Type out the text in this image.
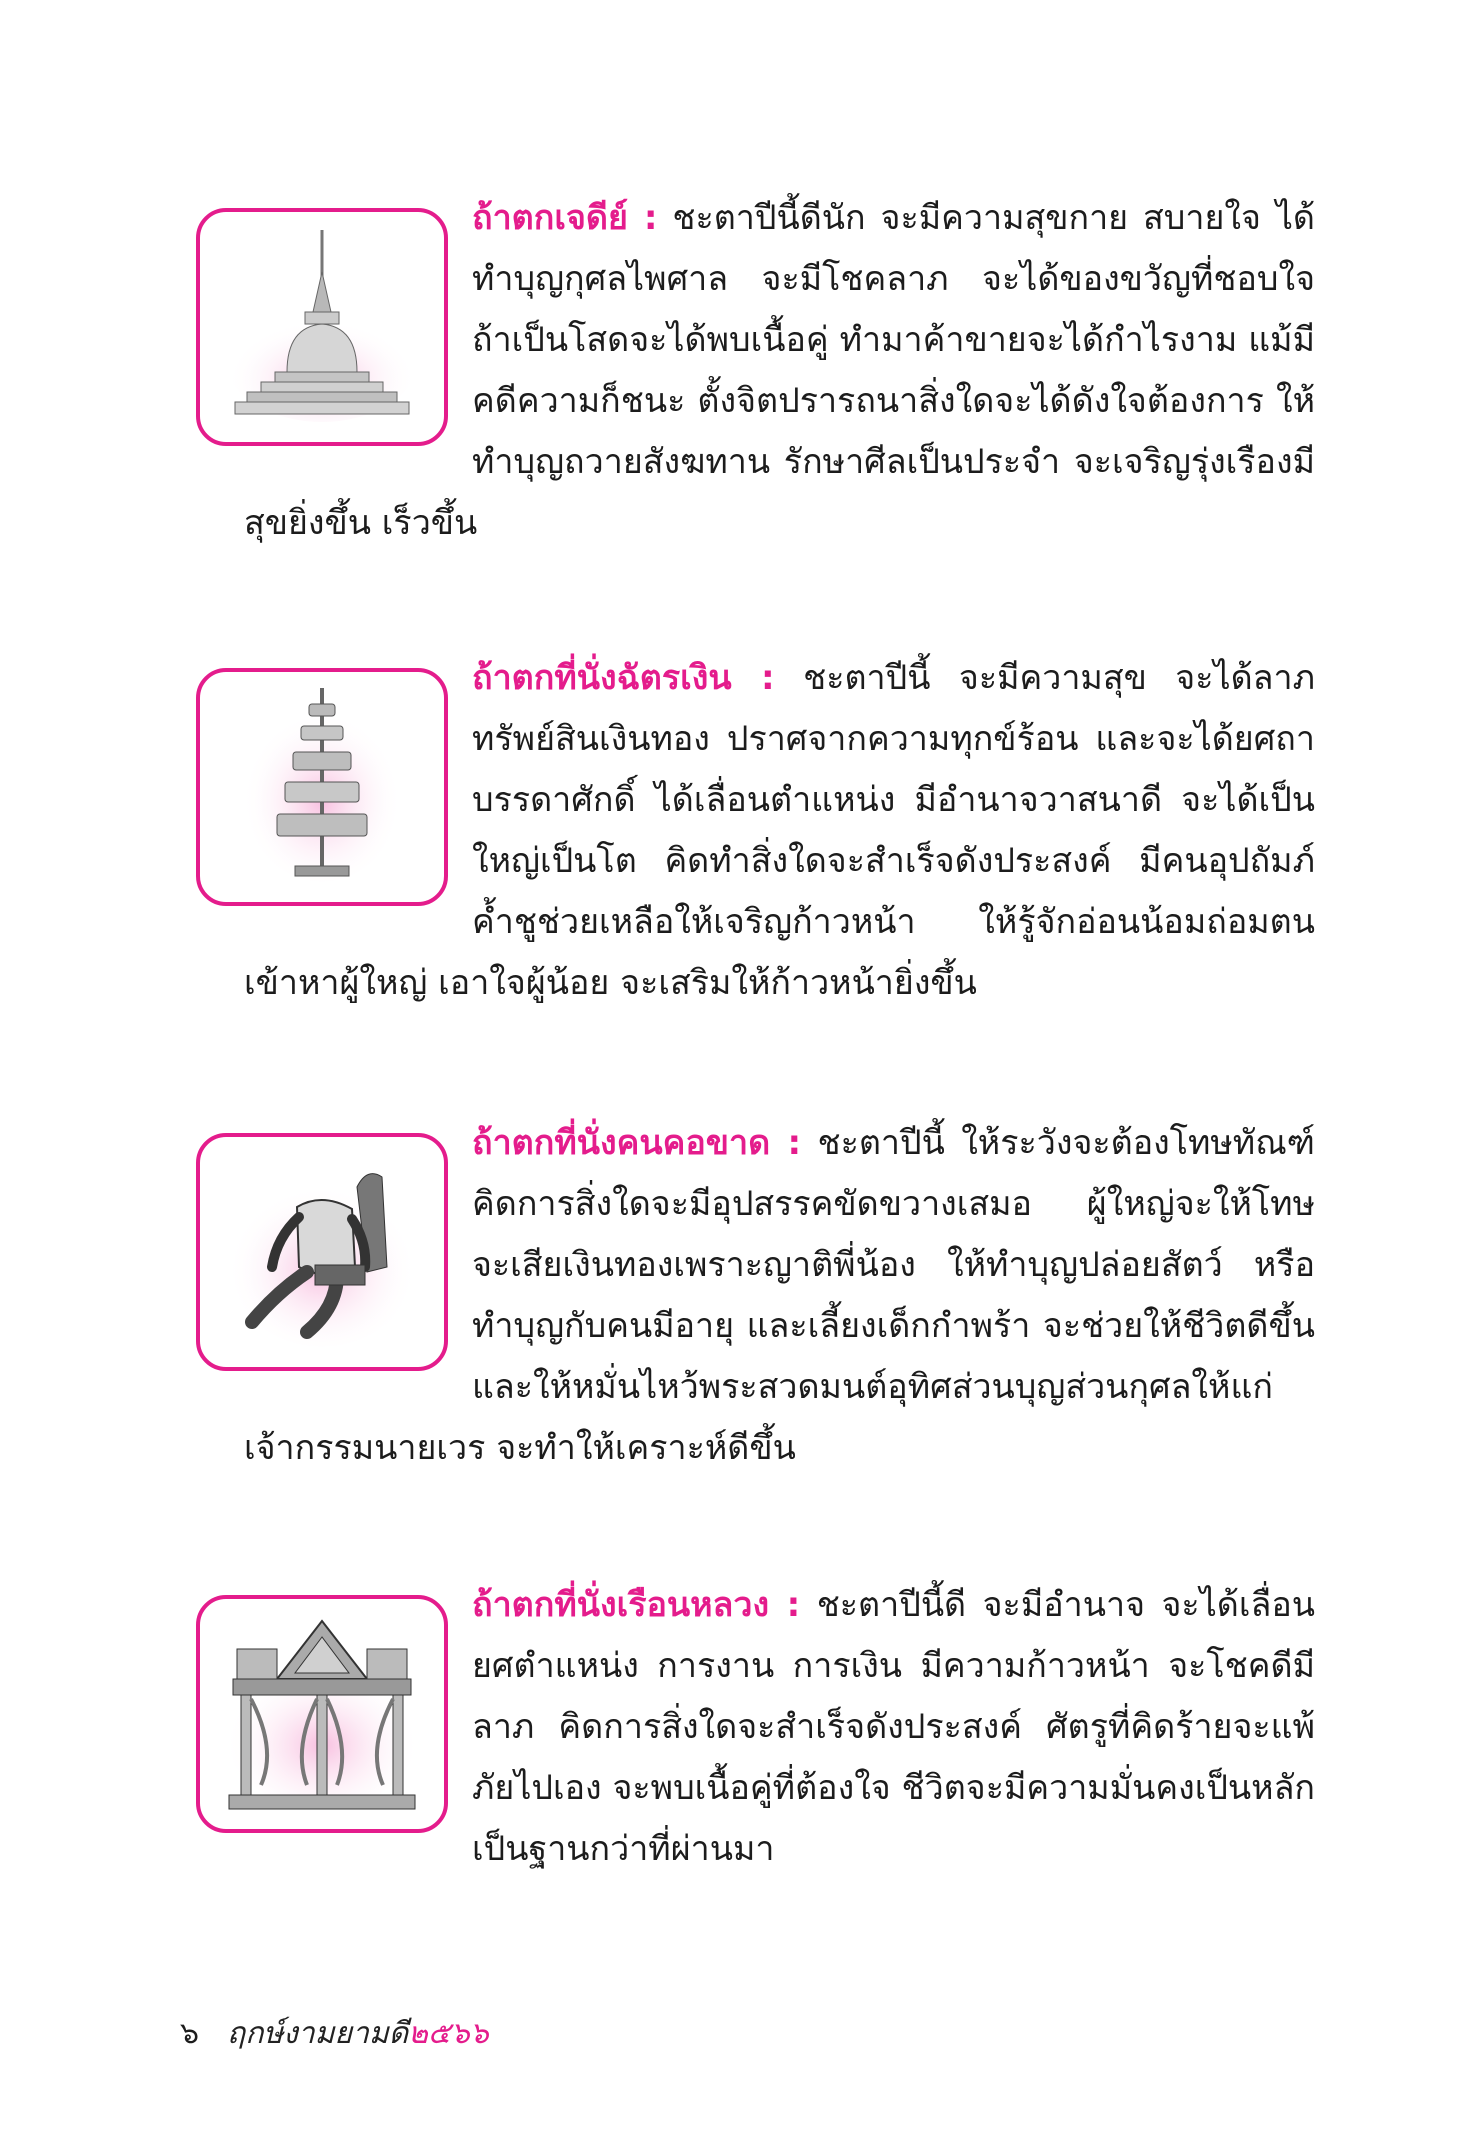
ถ้าตกเจดีย์ : ชะตาปีนี้ดีนัก จะมีความสุขกาย สบายใจ ได้ทำบุญกุศลไพศาล จะมีโชคลาภ จะได้ของขวัญที่ชอบใจ ถ้าเป็นโสดจะได้พบเนื้อคู่ ทำมาค้าขายจะได้กำไรงาม แม้มีคดีความก็ชนะ ตั้งจิตปรารถนาสิ่งใดจะได้ดังใจต้องการ ให้ทำบุญถวายสังฆทาน รักษาศีลเป็นประจำ จะเจริญรุ่งเรืองมีสุขยิ่งขึ้น เร็วขึ้น

ถ้าตกที่นั่งฉัตรเงิน : ชะตาปีนี้ จะมีความสุข จะได้ลาภ ทรัพย์สินเงินทอง ปราศจากความทุกข์ร้อน และจะได้ยศถาบรรดาศักดิ์ ได้เลื่อนตำแหน่ง มีอำนาจวาสนาดี จะได้เป็นใหญ่เป็นโต คิดทำสิ่งใดจะสำเร็จดังประสงค์ มีคนอุปถัมภ์ค้ำชูช่วยเหลือให้เจริญก้าวหน้า ให้รู้จักอ่อนน้อมถ่อมตนเข้าหาผู้ใหญ่ เอาใจผู้น้อย จะเสริมให้ก้าวหน้ายิ่งขึ้น

ถ้าตกที่นั่งคนคอขาด : ชะตาปีนี้ ให้ระวังจะต้องโทษทัณฑ์ คิดการสิ่งใดจะมีอุปสรรคขัดขวางเสมอ ผู้ใหญ่จะให้โทษ จะเสียเงินทองเพราะญาติพี่น้อง ให้ทำบุญปล่อยสัตว์ หรือทำบุญกับคนมีอายุ และเลี้ยงเด็กกำพร้า จะช่วยให้ชีวิตดีขึ้น และให้หมั่นไหว้พระสวดมนต์อุทิศส่วนบุญส่วนกุศลให้แก่เจ้ากรรมนายเวร จะทำให้เคราะห์ดีขึ้น

ถ้าตกที่นั่งเรือนหลวง : ชะตาปีนี้ดี จะมีอำนาจ จะได้เลื่อนยศตำแหน่ง การงาน การเงิน มีความก้าวหน้า จะโชคดีมีลาภ คิดการสิ่งใดจะสำเร็จดังประสงค์ ศัตรูที่คิดร้ายจะแพ้ภัยไปเอง จะพบเนื้อคู่ที่ต้องใจ ชีวิตจะมีความมั่นคงเป็นหลักเป็นฐานกว่าที่ผ่านมา

๖ ฤกษ์งามยามดี๒๕๖๖
